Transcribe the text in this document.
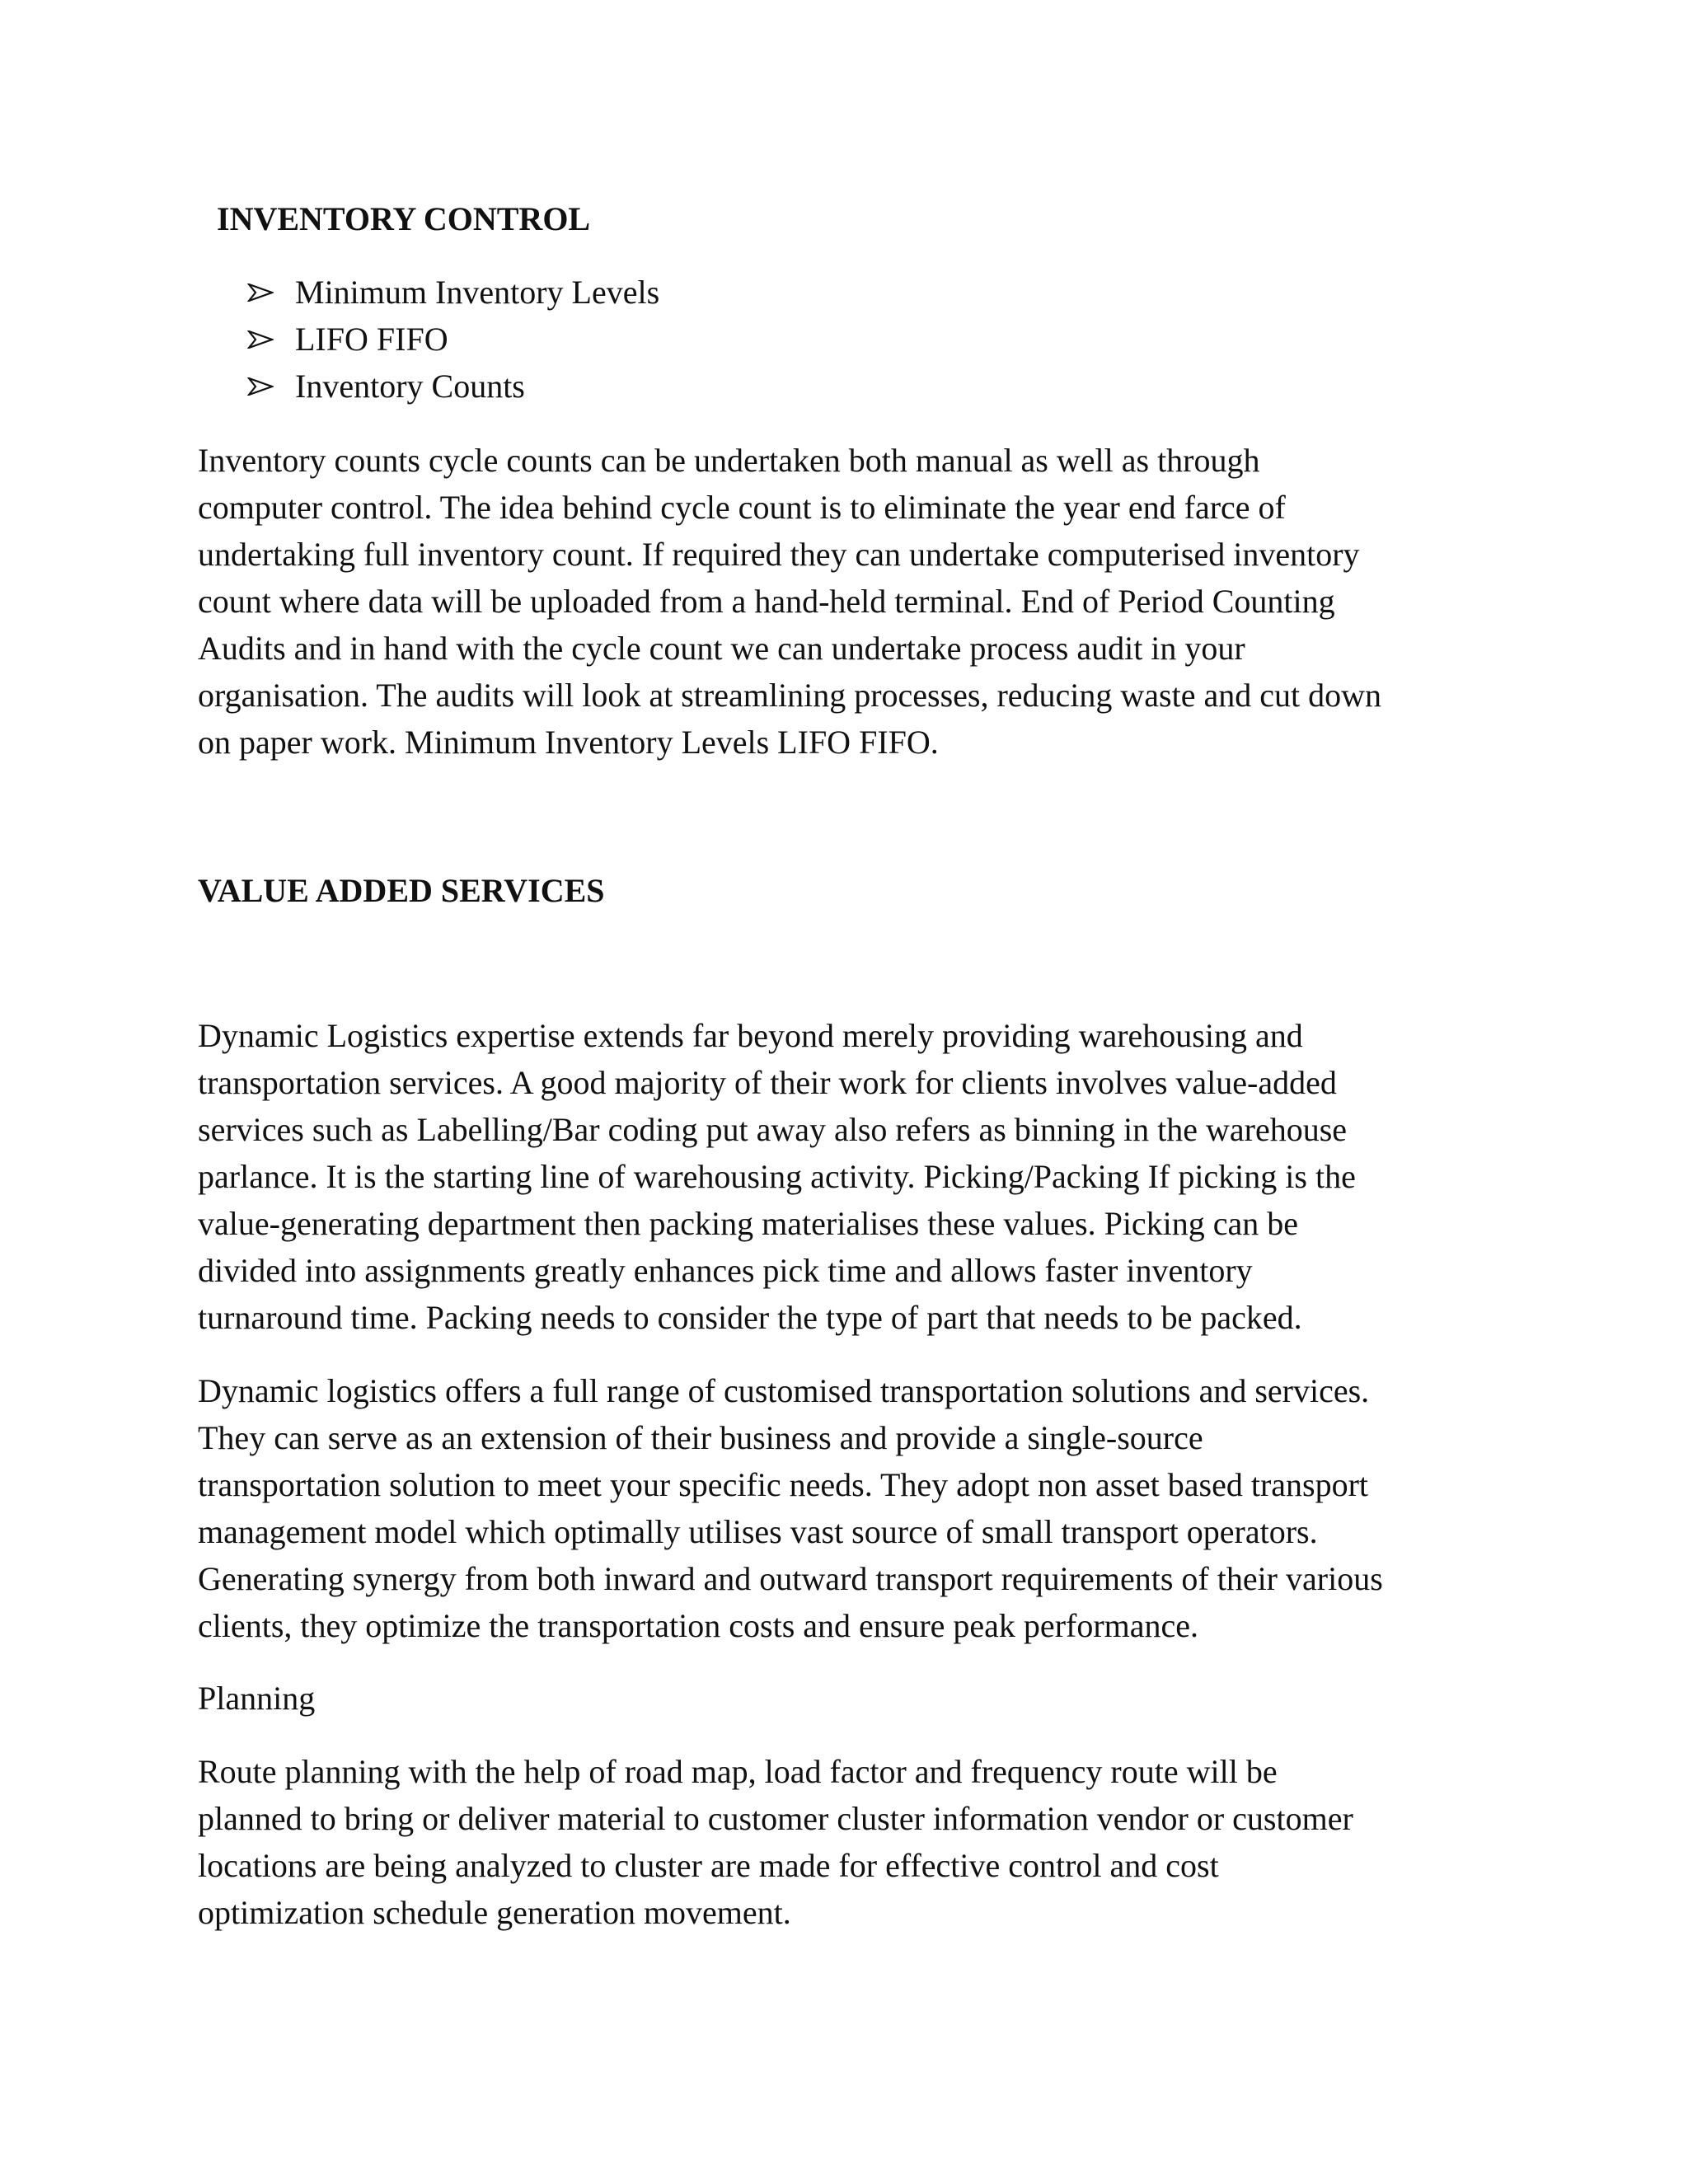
INVENTORY CONTROL
Minimum Inventory Levels
LIFO FIFO
Inventory Counts

Inventory counts cycle counts can be undertaken both manual as well as through
computer control. The idea behind cycle count is to eliminate the year end farce of
undertaking full inventory count. If required they can undertake computerised inventory
count where data will be uploaded from a hand-held terminal. End of Period Counting
Audits and in hand with the cycle count we can undertake process audit in your
organisation. The audits will look at streamlining processes, reducing waste and cut down
on paper work. Minimum Inventory Levels LIFO FIFO.

VALUE ADDED SERVICES

Dynamic Logistics expertise extends far beyond merely providing warehousing and
transportation services. A good majority of their work for clients involves value-added
services such as Labelling/Bar coding put away also refers as binning in the warehouse
parlance. It is the starting line of warehousing activity. Picking/Packing If picking is the
value-generating department then packing materialises these values. Picking can be
divided into assignments greatly enhances pick time and allows faster inventory
turnaround time. Packing needs to consider the type of part that needs to be packed.

Dynamic logistics offers a full range of customised transportation solutions and services.
They can serve as an extension of their business and provide a single-source
transportation solution to meet your specific needs. They adopt non asset based transport
management model which optimally utilises vast source of small transport operators.
Generating synergy from both inward and outward transport requirements of their various
clients, they optimize the transportation costs and ensure peak performance.

Planning

Route planning with the help of road map, load factor and frequency route will be
planned to bring or deliver material to customer cluster information vendor or customer
locations are being analyzed to cluster are made for effective control and cost
optimization schedule generation movement.
